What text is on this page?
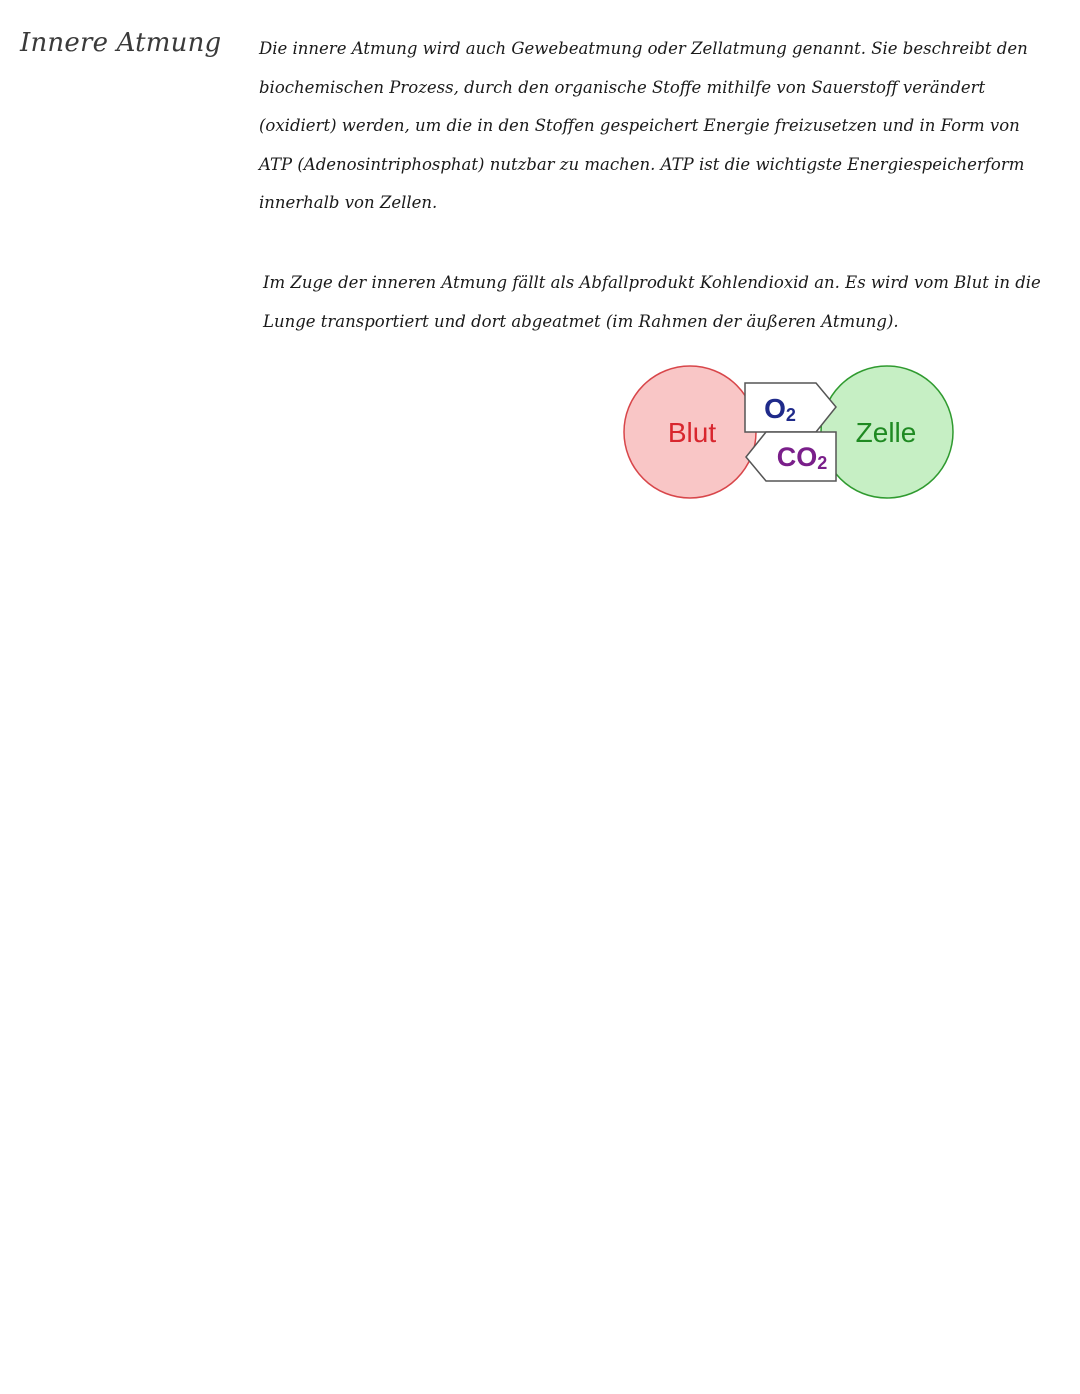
Innere Atmung Die innere Atmung wird auch Gewebeatmung oder Zellatmung genannt. Sie beschreibt den biochemischen Prozess, durch den organische Stoffe mithilfe von Sauerstoff verändert (oxidiert) werden, um die in den Stoffen gespeichert Energie freizusetzen und in Form von ATP (Adenosintriphosphat) nutzbar zu machen. ATP ist die wichtigste Energiespeicherform innerhalb von Zellen.

Im Zuge der inneren Atmung fällt als Abfallprodukt Kohlendioxid an. Es wird vom Blut in die Lunge transportiert und dort abgeatmet (im Rahmen der äußeren Atmung).

Blut	Zelle
O2
CO2
